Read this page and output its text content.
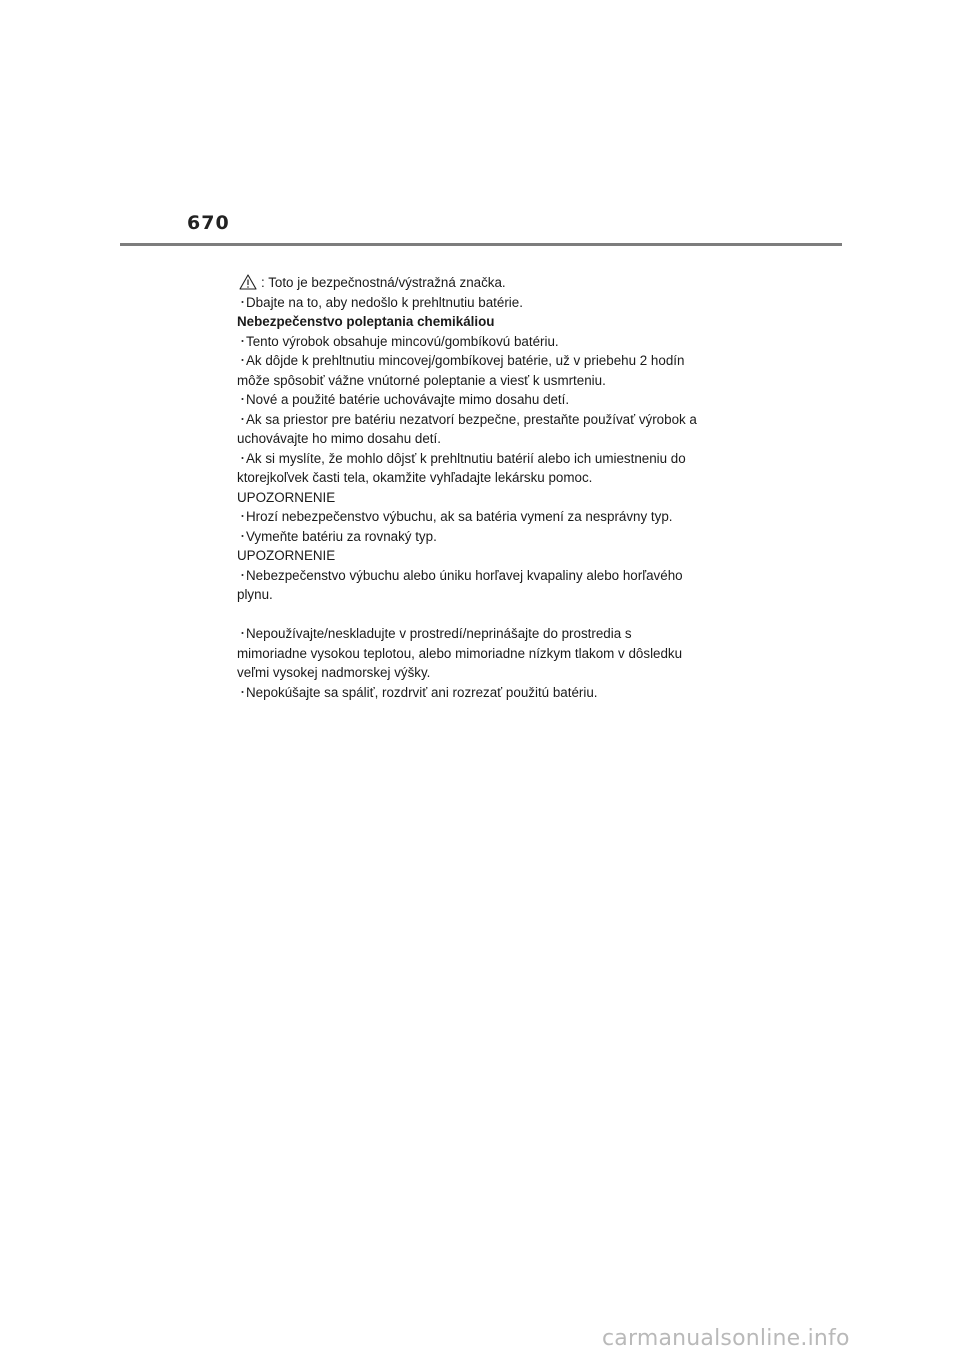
670

: Toto je bezpečnostná/výstražná značka.

・Dbajte na to, aby nedošlo k prehltnutiu batérie.

Nebezpečenstvo poleptania chemikáliou

・Tento výrobok obsahuje mincovú/gombíkovú batériu.

・Ak dôjde k prehltnutiu mincovej/gombíkovej batérie, už v priebehu 2 hodín

môže spôsobiť vážne vnútorné poleptanie a viesť k usmrteniu.

・Nové a použité batérie uchovávajte mimo dosahu detí.

・Ak sa priestor pre batériu nezatvorí bezpečne, prestaňte používať výrobok a

uchovávajte ho mimo dosahu detí.

・Ak si myslíte, že mohlo dôjsť k prehltnutiu batérií alebo ich umiestneniu do

ktorejkoľvek časti tela, okamžite vyhľadajte lekársku pomoc.

UPOZORNENIE

・Hrozí nebezpečenstvo výbuchu, ak sa batéria vymení za nesprávny typ.

・Vymeňte batériu za rovnaký typ.

UPOZORNENIE

・Nebezpečenstvo výbuchu alebo úniku horľavej kvapaliny alebo horľavého

plynu.

・Nepoužívajte/neskladujte v prostredí/neprinášajte do prostredia s

mimoriadne vysokou teplotou, alebo mimoriadne nízkym tlakom v dôsledku

veľmi vysokej nadmorskej výšky.

・Nepokúšajte sa spáliť, rozdrviť ani rozrezať použitú batériu.

carmanualsonline.info
